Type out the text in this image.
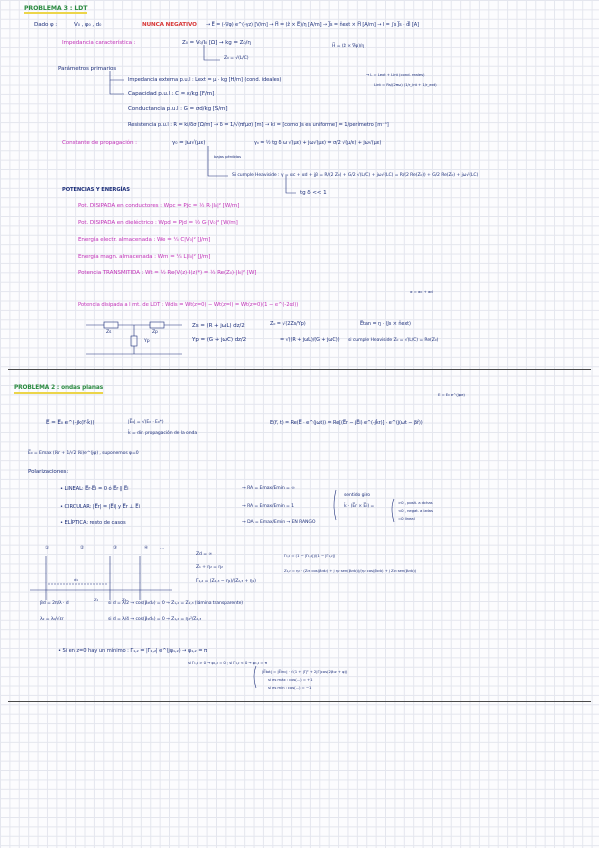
PROBLEMA 3 : LDT
Dado φ :	V₀ , φ₀ , d₀	NUNCA NEGATIVO → E̅ = (-∇φ) e^(-γz) [V/m] → H̅ = (ẑ × E̅)/η [A/m] → J̅s = n̂ext × H̅ [A/m] → I = ∫s J̅s · d̅l [A]
H̅ = (ẑ × ∇φ)/η
Impedancia característica :	Z₀ = V₀/I₀ [Ω] → kg = Z₀/η
Z₀ = √(L/C)
Parámetros primarios
Impedancia externa p.u.l : Lext = μ · kg [H/m] (cond. ideales)
→ L = Lext + Lint (cond. reales)
Lint = Rs/(2πω) (1/r_int + 1/r_ext)
Capacidad p.u.l : C = ε/kg [F/m]
Conductancia p.u.l : G = σd/kg [S/m]
Resistencia p.u.l : R = ki/δσ [Ω/m] → δ = 1/√(πfμσ) [m] → ki = [como Js es uniforme] = 1/perímetro [m⁻¹]
Constante de propagación :	γ₀ = jω√(με)	γ₀ = ½ tg δ ω √(με) + jω√(με) = σ/2 √(μ/ε) + jω√(με)
bajas pérdidas
Si cumple Heaviside : γ = αc + αd + jβ = R/(2 Z₀) + G/2 √(L/C) + jω√(LC) = R/(2 Re(Z₀)) + G/2 Re(Z₀) + jω√(LC)
tg δ << 1
POTENCIAS Y ENERGÍAS
Pot. DISIPADA en conductores : Wpc = Pjc = ½ R·|I₀|² [W/m]
Pot. DISIPADA en dieléctrico : Wpd = Pjd = ½ G·|V₀|² [W/m]
Energía electr. almacenada : We = ¼ C|V₀|² [J/m]
Energía magn. almacenada : Wm = ¼ L|I₀|² [J/m]
Potencia TRANSMITIDA : Wt = ½ Re(V(z)·I(z)*) = ½ Re(Z₀)·|I₀|² [W]
α = αc + αd
Potencia disipada a l mt. de LDT : Wdis = Wt(z=0) − Wt(z=l) = Wt(z=0)(1 − e^(-2αl))
Zs	Zp
Yp
Zs = (R + jωL) dz/2
Yp = (G + jωC) dz/2
Z₀ = √(2Zs/Yp)
= √((R + jωL)/(G + jωC))
E̅tan = ŋ · (Js × n̂ext)
si cumple Heaviside Z₀ = √(L/C) = Re(Z₀)
PROBLEMA 2 : ondas planas
E = E₀ e^(jφe)
E̅ = E̅₀ e^(-jk(r̅·k̂))	|E̅₀| = √(E₀ · E₀*)
k̂ = dir. propagación de la onda
E(r̅, t) = Re(E̅ · e^(jωt)) = Re[(E̅r − jE̅i) e^(-jk̂r)] · e^(j(ωt − βr̂))
E̅₀ = Emax (ℝr + 1/√2 ℝi)e^(jφ) , suponemos φ=0
Polarizaciones:
• LINEAL: E̅r·E̅i = 0 ó E̅r ∥ E̅i	→ RA = Emax/Emin = ∞
• CIRCULAR: |E̅r| = |E̅i| y E̅r ⊥ E̅i	→ RA = Emax/Emin = 1
• ELÍPTICA: resto de casos	→ DA = Emax/Emin → EN RANGO
sentido giro
k̂ · (E̅r × E̅i) =
>0 , posit. a dchas
<0 , negat. a izdas
=0 lineal
①	②	③	④	...
Z₁	Z₂
d₁
Zd = ∞
Z₁ + η₂ = η₂
Γ₁,₂ = (Z₂,₃ − η₁)/(Z₂,₃ + η₁)
Γ₁,₂ = (1 − |Γ₁,₂|)/(1 − |Γ₁,₂|)
Z₁,₂ = η₂ · (Z₂₃ cos(β₂d₂) + j η₂ sen(β₂d₂))/(η₂ cos(β₂d₂) + j Z₂₃ sen(β₂d₂))
βd = 2π/λ · d	si d = λ/2 → cos(β₂d₂) = 0 → Z₁,₂ = Z₂,₃ (lámina transparente)
λ₂ = λ₀/√εr	si d = λ/4 → cos(β₁d₁) = 0 → Z₁,₂ = η₂²/Z₂,₃
• Si en z=0 hay un mínimo : Γ₁,₂ = |Γ₁,₂| e^(jφ₁,₂) → φ₁,₂ = π
si Γ₁,₂ > 0 → φ₁,₂ = 0 ; si Γ₁,₂ < 0 → φ₁,₂ = π
|E̅tot| = |E̅inc| · √(1 + |Γ|² + 2|Γ|cos(2β₁z + φ))
si es máx : cos(...) = +1
si es mín : cos(...) = −1
